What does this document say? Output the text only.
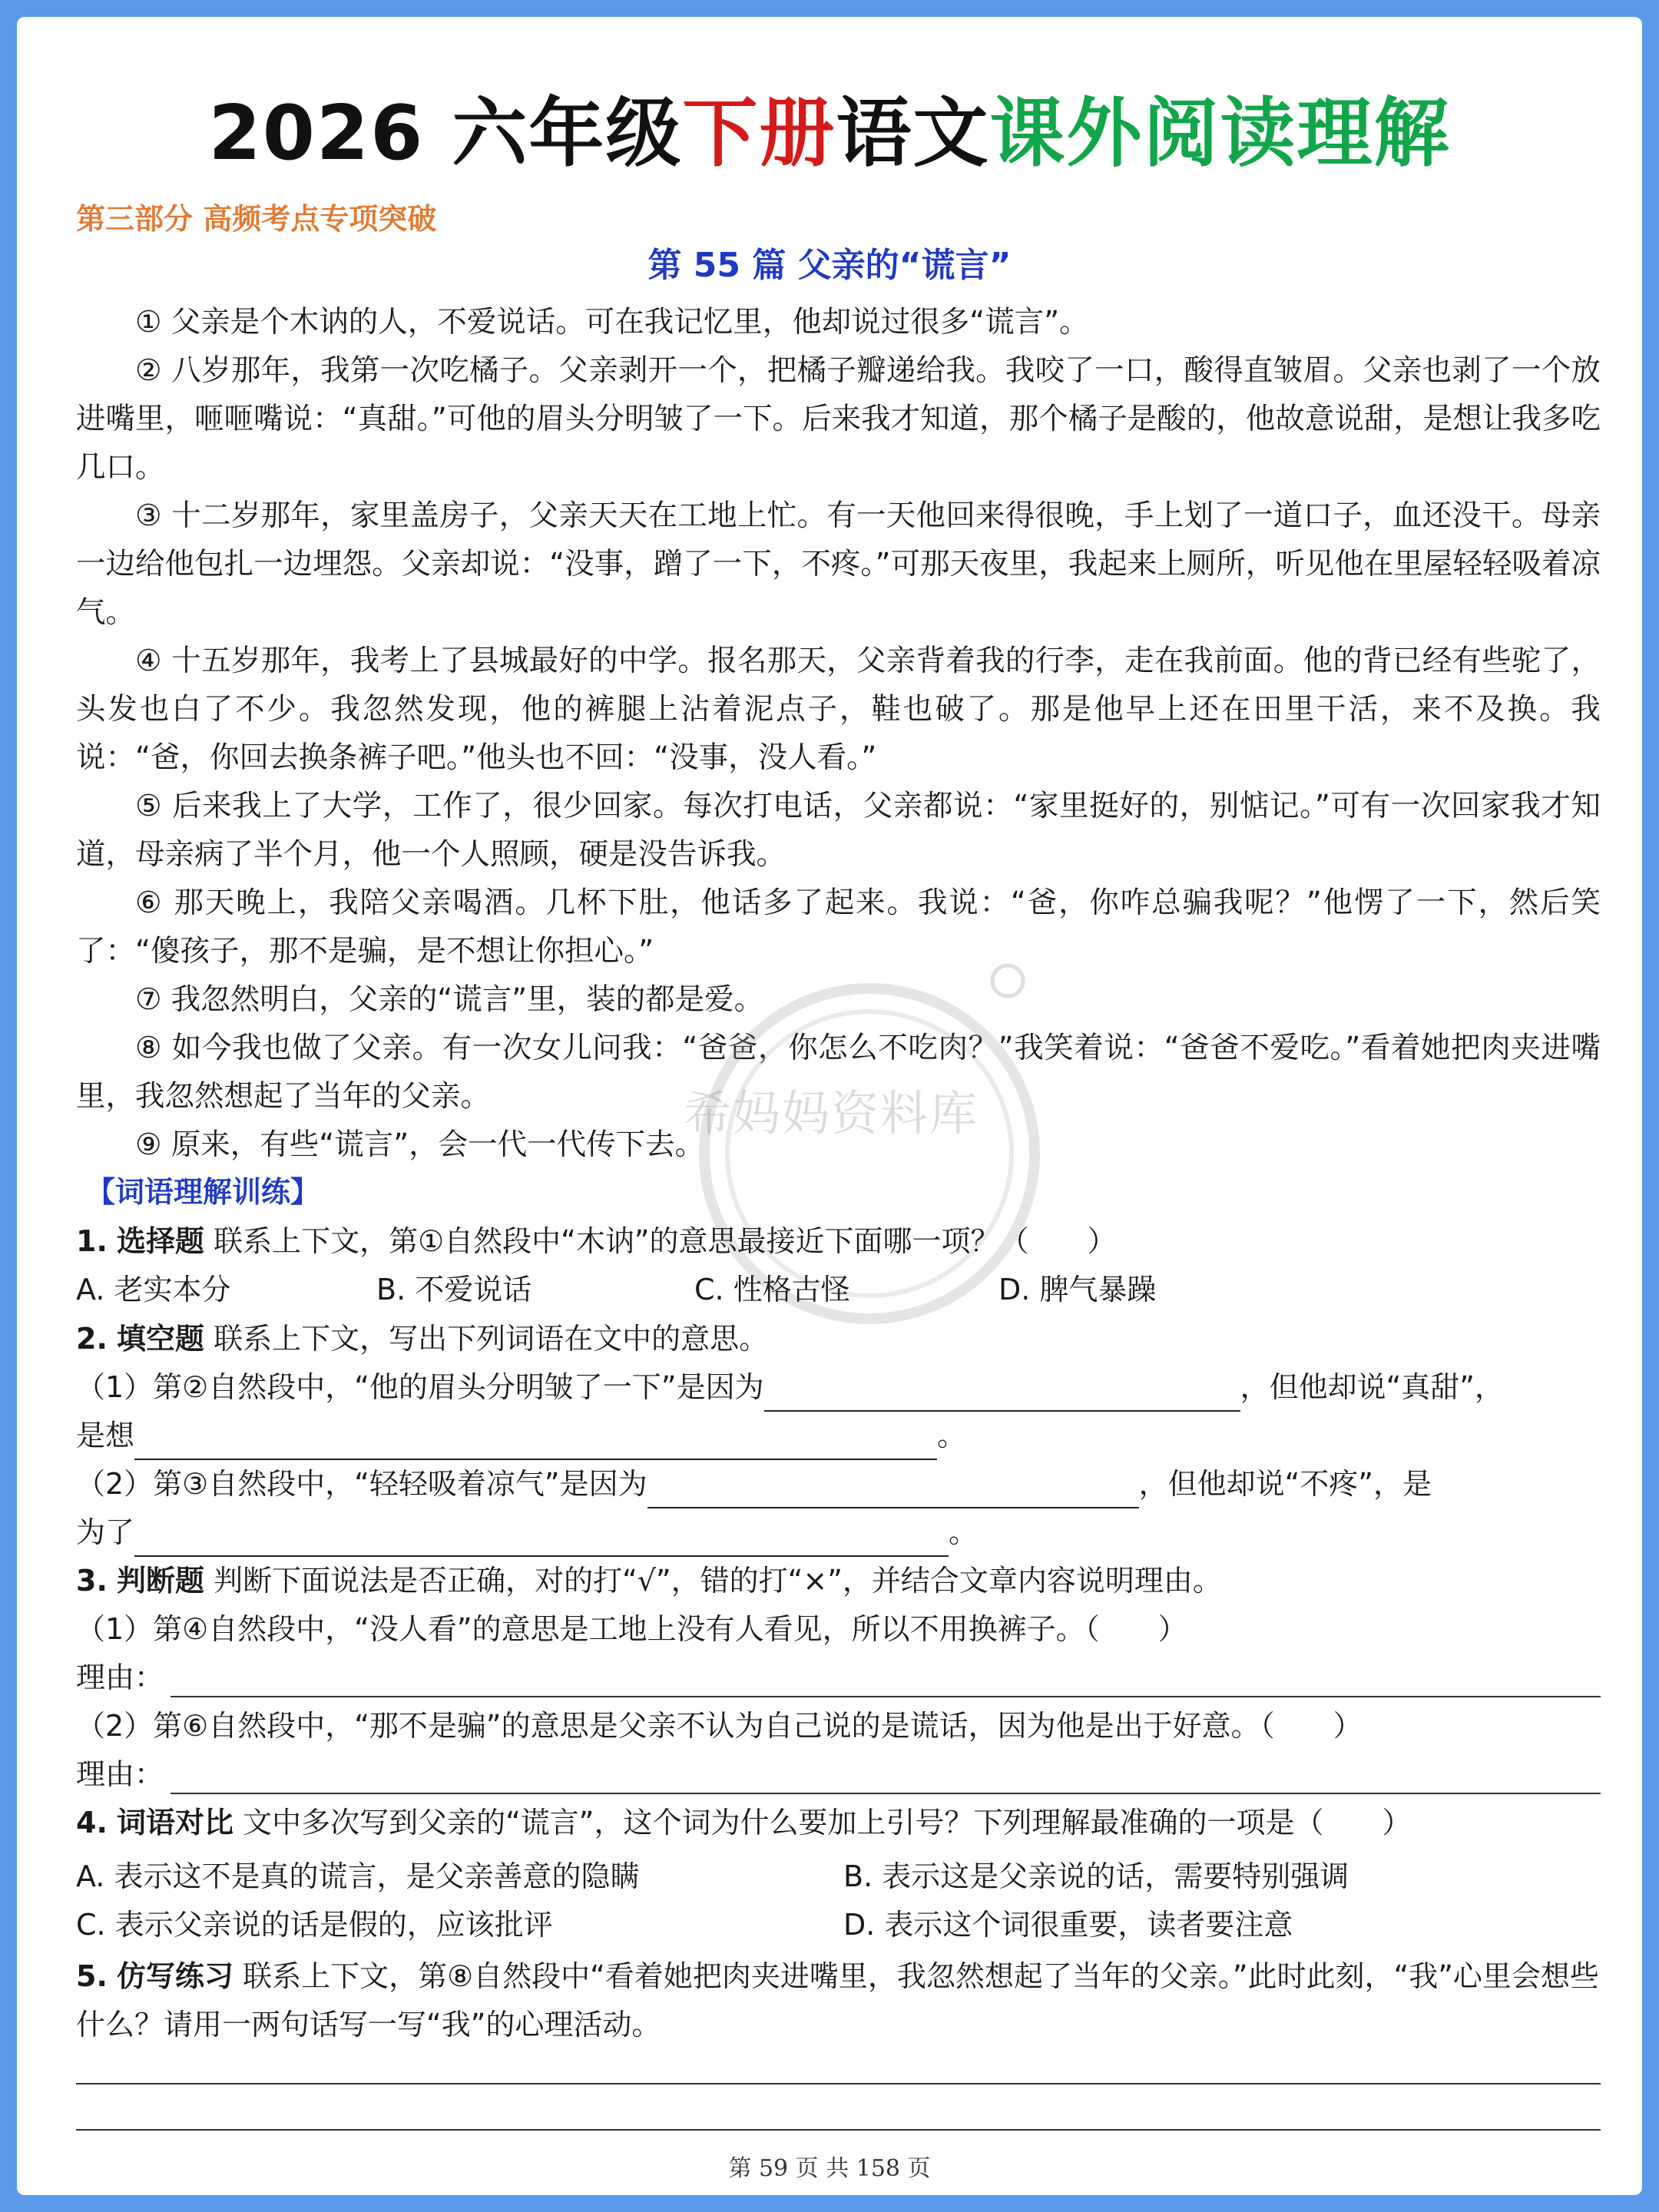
2026 六年级下册语文课外阅读理解
第三部分 高频考点专项突破
第 55 篇 父亲的“谎言”
① 父亲是个木讷的人，不爱说话。可在我记忆里，他却说过很多“谎言”。
② 八岁那年，我第一次吃橘子。父亲剥开一个，把橘子瓣递给我。我咬了一口，酸得直皱眉。父亲也剥了一个放进嘴里，咂咂嘴说：“真甜。”可他的眉头分明皱了一下。后来我才知道，那个橘子是酸的，他故意说甜，是想让我多吃几口。
③ 十二岁那年，家里盖房子，父亲天天在工地上忙。有一天他回来得很晚，手上划了一道口子，血还没干。母亲一边给他包扎一边埋怨。父亲却说：“没事，蹭了一下，不疼。”可那天夜里，我起来上厕所，听见他在里屋轻轻吸着凉气。
④ 十五岁那年，我考上了县城最好的中学。报名那天，父亲背着我的行李，走在我前面。他的背已经有些驼了，头发也白了不少。我忽然发现，他的裤腿上沾着泥点子，鞋也破了。那是他早上还在田里干活，来不及换。我说：“爸，你回去换条裤子吧。”他头也不回：“没事，没人看。”
⑤ 后来我上了大学，工作了，很少回家。每次打电话，父亲都说：“家里挺好的，别惦记。”可有一次回家我才知道，母亲病了半个月，他一个人照顾，硬是没告诉我。
⑥ 那天晚上，我陪父亲喝酒。几杯下肚，他话多了起来。我说：“爸，你咋总骗我呢？”他愣了一下，然后笑了：“傻孩子，那不是骗，是不想让你担心。”
⑦ 我忽然明白，父亲的“谎言”里，装的都是爱。
⑧ 如今我也做了父亲。有一次女儿问我：“爸爸，你怎么不吃肉？”我笑着说：“爸爸不爱吃。”看着她把肉夹进嘴里，我忽然想起了当年的父亲。
⑨ 原来，有些“谎言”，会一代一代传下去。
希妈妈资料库
【词语理解训练】
1. 选择题 联系上下文，第①自然段中“木讷”的意思最接近下面哪一项？（　　）
A. 老实本分	B. 不爱说话	C. 性格古怪	D. 脾气暴躁
2. 填空题 联系上下文，写出下列词语在文中的意思。
（1）第②自然段中，“他的眉头分明皱了一下”是因为	，但他却说“真甜”，
是想	。
（2）第③自然段中，“轻轻吸着凉气”是因为	，但他却说“不疼”，是
为了	。
3. 判断题 判断下面说法是否正确，对的打“√”，错的打“×”，并结合文章内容说明理由。
（1）第④自然段中，“没人看”的意思是工地上没有人看见，所以不用换裤子。（　　）
理由：
（2）第⑥自然段中，“那不是骗”的意思是父亲不认为自己说的是谎话，因为他是出于好意。（　　）
理由：
4. 词语对比 文中多次写到父亲的“谎言”，这个词为什么要加上引号？下列理解最准确的一项是（　　）
A. 表示这不是真的谎言，是父亲善意的隐瞒	B. 表示这是父亲说的话，需要特别强调
C. 表示父亲说的话是假的，应该批评	D. 表示这个词很重要，读者要注意
5. 仿写练习 联系上下文，第⑧自然段中“看着她把肉夹进嘴里，我忽然想起了当年的父亲。”此时此刻，“我”心里会想些什么？请用一两句话写一写“我”的心理活动。
第 59 页 共 158 页
